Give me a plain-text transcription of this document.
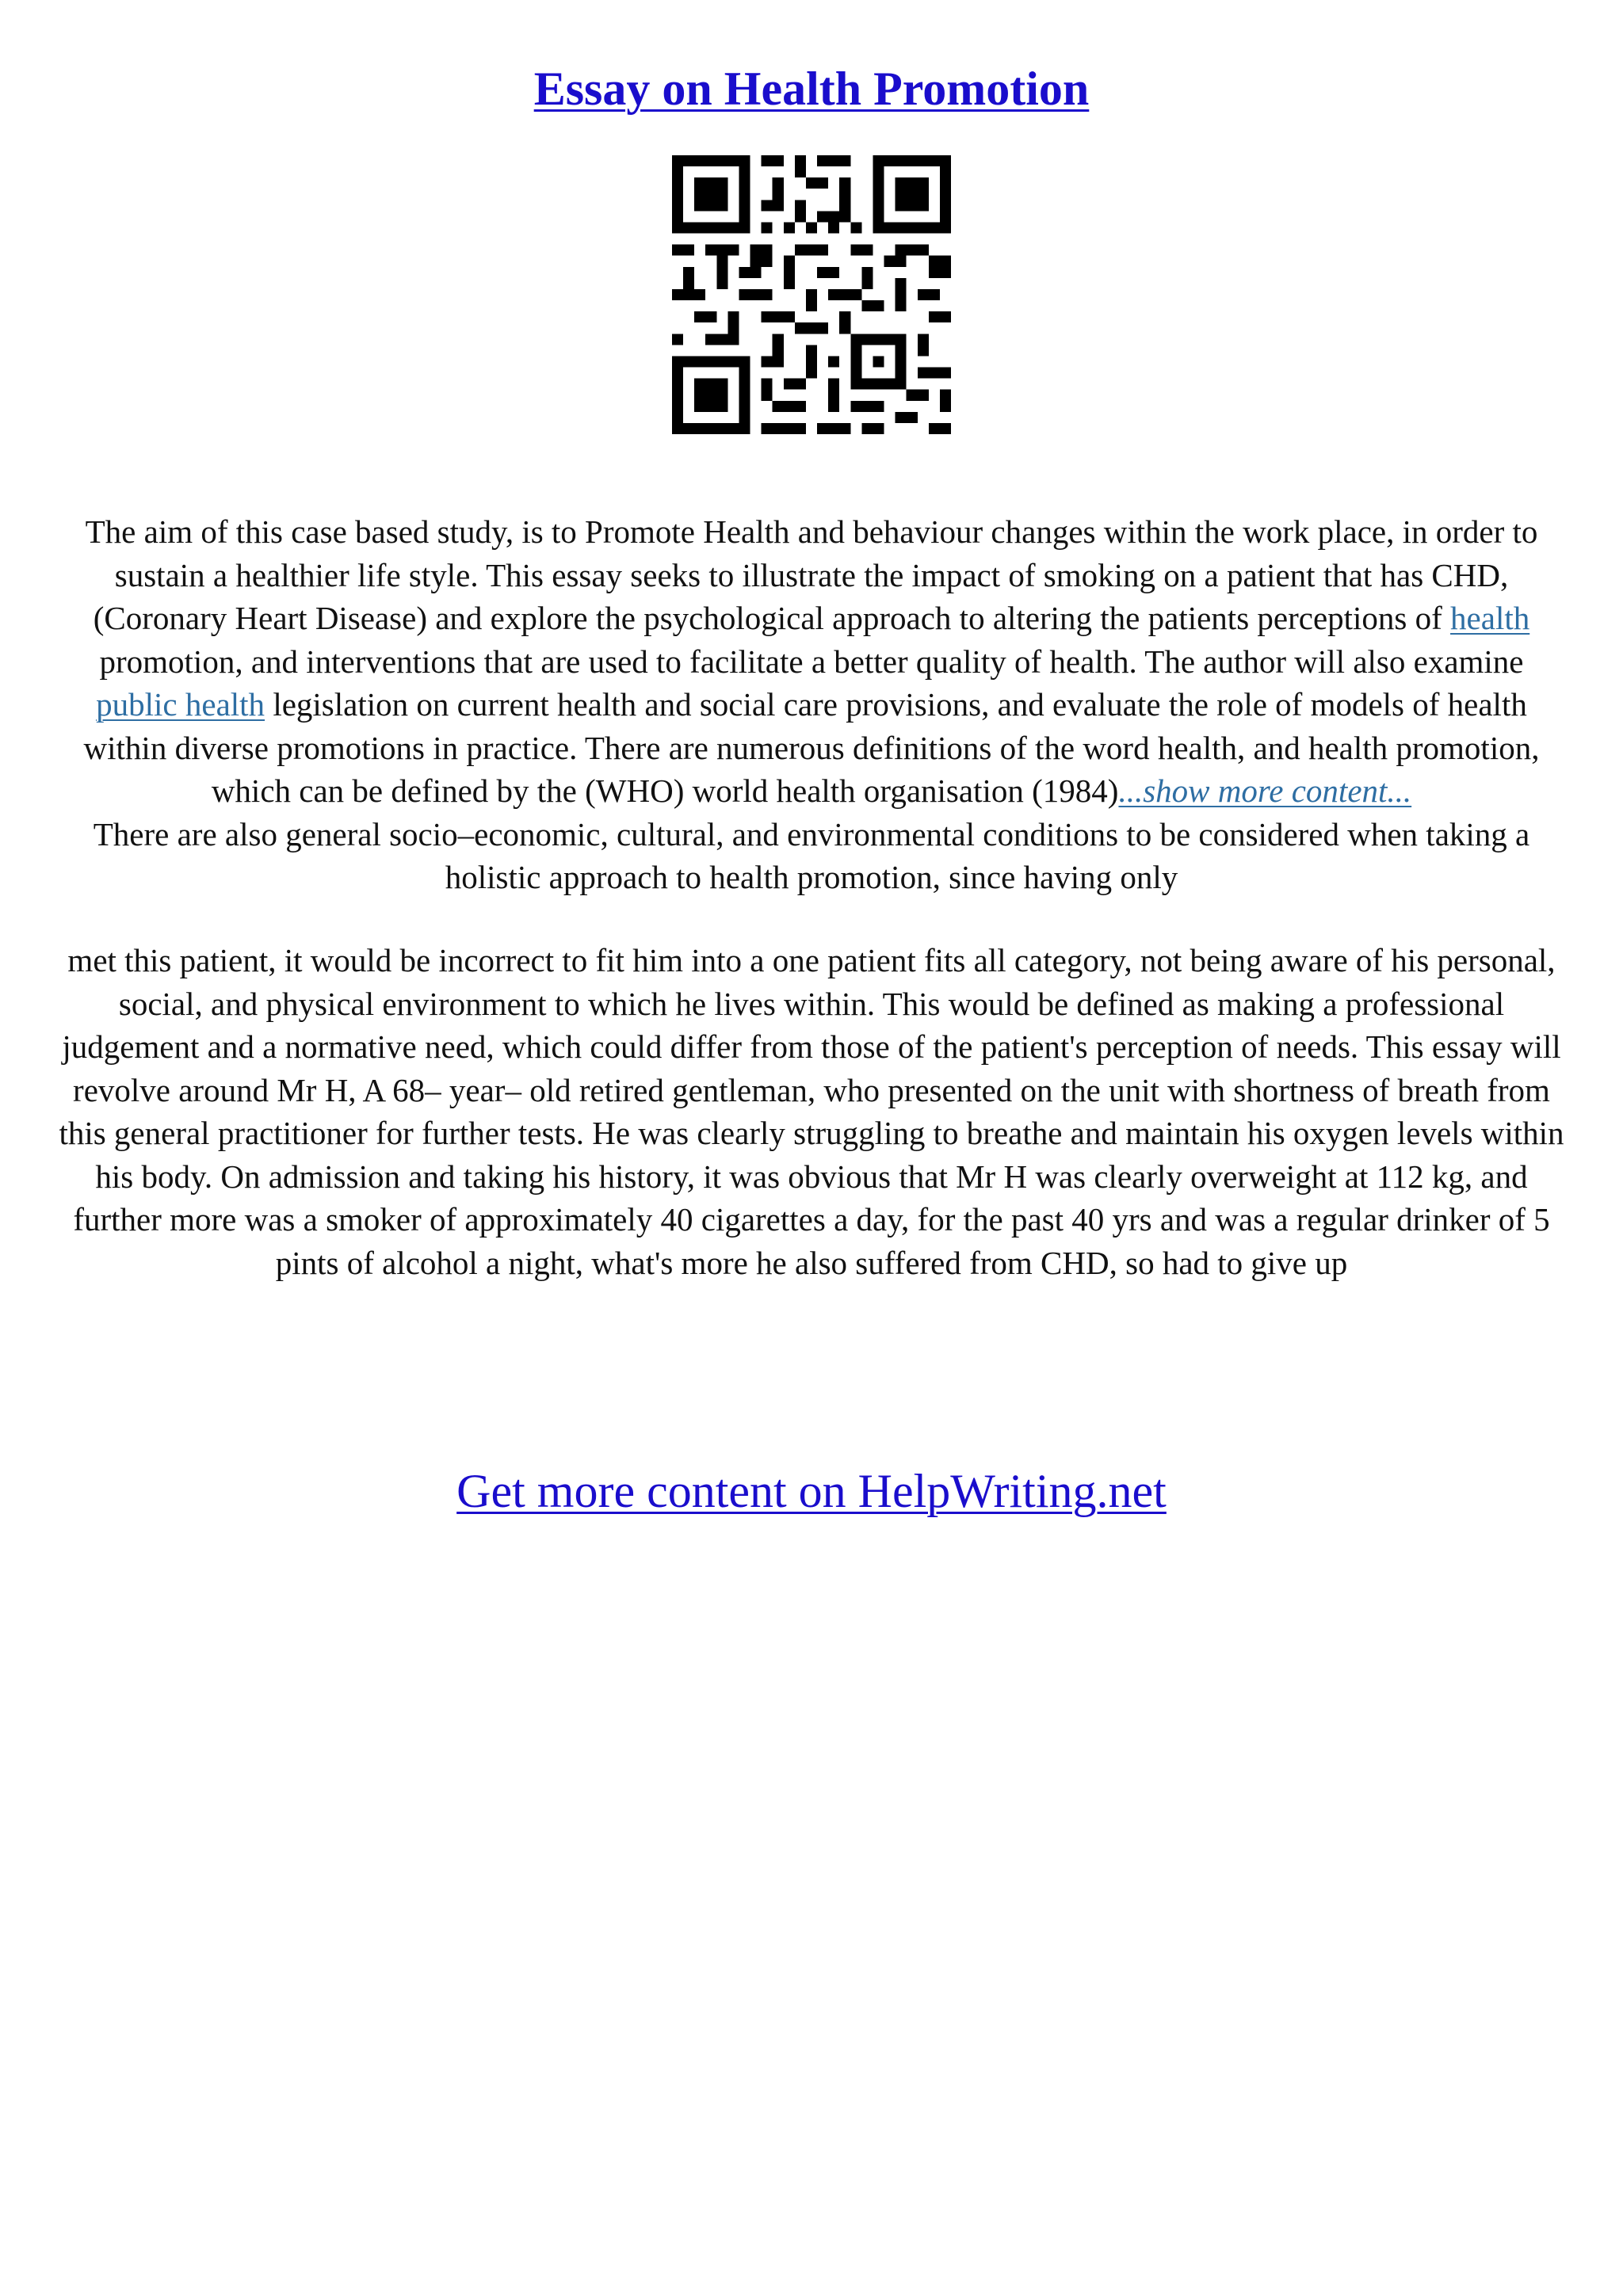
Essay on Health Promotion
The aim of this case based study, is to Promote Health and behaviour changes within the work place, in order to sustain a healthier life style. This essay seeks to illustrate the impact of smoking on a patient that has CHD, (Coronary Heart Disease) and explore the psychological approach to altering the patients perceptions of health promotion, and interventions that are used to facilitate a better quality of health. The author will also examine public health legislation on current health and social care provisions, and evaluate the role of models of health within diverse promotions in practice. There are numerous definitions of the word health, and health promotion, which can be defined by the (WHO) world health organisation (1984)...show more content...
There are also general socio–economic, cultural, and environmental conditions to be considered when taking a holistic approach to health promotion, since having only
met this patient, it would be incorrect to fit him into a one patient fits all category, not being aware of his personal, social, and physical environment to which he lives within. This would be defined as making a professional judgement and a normative need, which could differ from those of the patient's perception of needs. This essay will revolve around Mr H, A 68– year– old retired gentleman, who presented on the unit with shortness of breath from this general practitioner for further tests. He was clearly struggling to breathe and maintain his oxygen levels within his body. On admission and taking his history, it was obvious that Mr H was clearly overweight at 112 kg, and further more was a smoker of approximately 40 cigarettes a day, for the past 40 yrs and was a regular drinker of 5 pints of alcohol a night, what's more he also suffered from CHD, so had to give up
Get more content on HelpWriting.net
